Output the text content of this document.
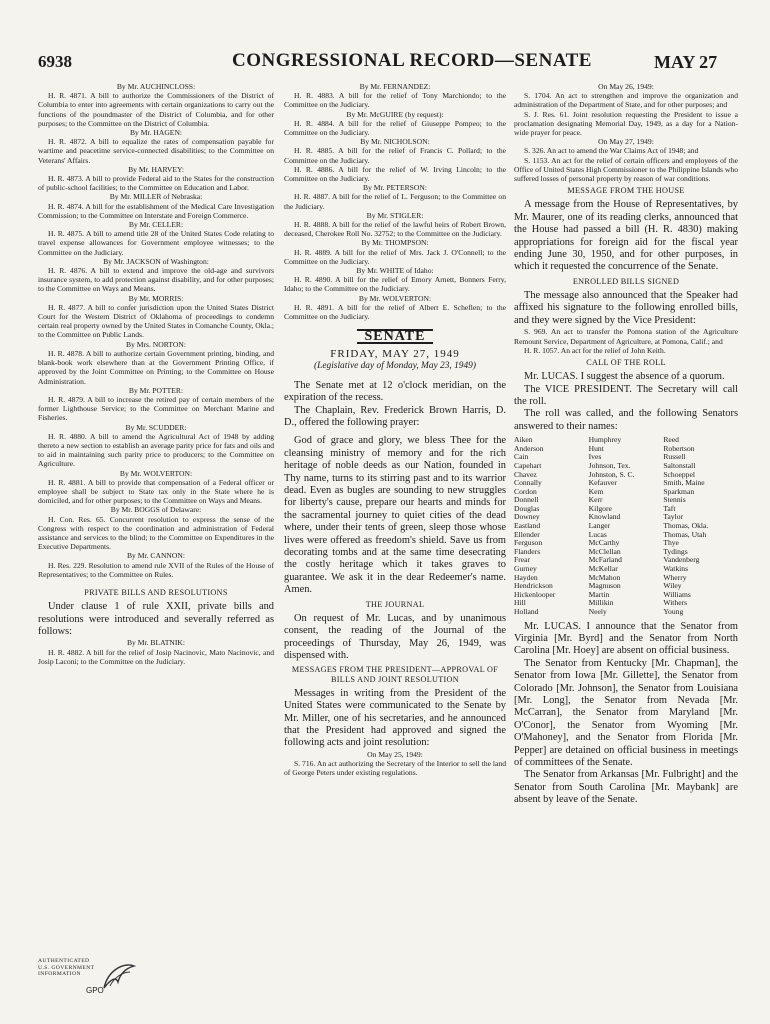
6938	CONGRESSIONAL RECORD—SENATE	MAY 27

By Mr. AUCHINCLOSS:

H. R. 4871. A bill to authorize the Commissioners of the District of Columbia to enter into agreements with certain organizations to carry out the functions of the poundmaster of the District of Columbia, and for other purposes; to the Committee on the District of Columbia.

By Mr. HAGEN:

H. R. 4872. A bill to equalize the rates of compensation payable for wartime and peacetime service-connected disabilities; to the Committee on Veterans' Affairs.

By Mr. HARVEY:

H. R. 4873. A bill to provide Federal aid to the States for the construction of public-school facilities; to the Committee on Education and Labor.

By Mr. MILLER of Nebraska:

H. R. 4874. A bill for the establishment of the Medical Care Investigation Commission; to the Committee on Interstate and Foreign Commerce.

By Mr. CELLER:

H. R. 4875. A bill to amend title 28 of the United States Code relating to travel expense allowances for Government employee witnesses; to the Committee on the Judiciary.

By Mr. JACKSON of Washington:

H. R. 4876. A bill to extend and improve the old-age and survivors insurance system, to add protection against disability, and for other purposes; to the Committee on Ways and Means.

By Mr. MORRIS:

H. R. 4877. A bill to confer jurisdiction upon the United States District Court for the Western District of Oklahoma of proceedings to condemn certain real property owned by the United States in Comanche County, Okla.; to the Committee on Public Lands.

By Mrs. NORTON:

H. R. 4878. A bill to authorize certain Government printing, binding, and blank-book work elsewhere than at the Government Printing Office, if approved by the Joint Committee on Printing; to the Committee on House Administration.

By Mr. POTTER:

H. R. 4879. A bill to increase the retired pay of certain members of the former Lighthouse Service; to the Committee on Merchant Marine and Fisheries.

By Mr. SCUDDER:

H. R. 4880. A bill to amend the Agricultural Act of 1948 by adding thereto a new section to establish an average parity price for fats and oils and to aid in maintaining such parity price to producers; to the Committee on Agriculture.

By Mr. WOLVERTON:

H. R. 4881. A bill to provide that compensation of a Federal officer or employee shall be subject to State tax only in the State where he is domiciled, and for other purposes; to the Committee on Ways and Means.

By Mr. BOGGS of Delaware:

H. Con. Res. 65. Concurrent resolution to express the sense of the Congress with respect to the coordination and administration of Federal assistance and services to the blind; to the Committee on Expenditures in the Executive Departments.

By Mr. CANNON:

H. Res. 229. Resolution to amend rule XVII of the Rules of the House of Representatives; to the Committee on Rules.

PRIVATE BILLS AND RESOLUTIONS

Under clause 1 of rule XXII, private bills and resolutions were introduced and severally referred as follows:

By Mr. BLATNIK:

H. R. 4882. A bill for the relief of Josip Nacinovic, Mato Nacinovic, and Josip Laconi; to the Committee on the Judiciary.

By Mr. FERNANDEZ:

H. R. 4883. A bill for the relief of Tony Marchiondo; to the Committee on the Judiciary.

By Mr. McGUIRE (by request):

H. R. 4884. A bill for the relief of Giuseppe Pompeo; to the Committee on the Judiciary.

By Mr. NICHOLSON:

H. R. 4885. A bill for the relief of Francis C. Pollard; to the Committee on the Judiciary.

H. R. 4886. A bill for the relief of W. Irving Lincoln; to the Committee on the Judiciary.

By Mr. PETERSON:

H. R. 4887. A bill for the relief of L. Ferguson; to the Committee on the Judiciary.

By Mr. STIGLER:

H. R. 4888. A bill for the relief of the lawful heirs of Robert Brown, deceased, Cherokee Roll No. 32752; to the Committee on the Judiciary.

By Mr. THOMPSON:

H. R. 4889. A bill for the relief of Mrs. Jack J. O'Connell; to the Committee on the Judiciary.

By Mr. WHITE of Idaho:

H. R. 4890. A bill for the relief of Emory Arnett, Bonners Ferry, Idaho; to the Committee on the Judiciary.

By Mr. WOLVERTON:

H. R. 4891. A bill for the relief of Albert E. Scheflen; to the Committee on the Judiciary.

SENATE
FRIDAY, MAY 27, 1949
(Legislative day of Monday, May 23, 1949)

The Senate met at 12 o'clock meridian, on the expiration of the recess.

The Chaplain, Rev. Frederick Brown Harris, D. D., offered the following prayer:

God of grace and glory, we bless Thee for the cleansing ministry of memory and for the rich heritage of noble deeds as our Nation, founded in Thy name, turns to its stirring past and to its warrior dead. Even as bugles are sounding to new struggles for liberty's cause, prepare our hearts and minds for the sacramental journey to quiet cities of the dead where, under their tents of green, sleep those whose lives were offered as freedom's shield. Save us from decorating tombs and at the same time desecrating the costly heritage which it takes graves to guarantee. We ask it in the dear Redeemer's name. Amen.

THE JOURNAL

On request of Mr. Lucas, and by unanimous consent, the reading of the Journal of the proceedings of Thursday, May 26, 1949, was dispensed with.

MESSAGES FROM THE PRESIDENT—APPROVAL OF BILLS AND JOINT RESOLUTION

Messages in writing from the President of the United States were communicated to the Senate by Mr. Miller, one of his secretaries, and he announced that the President had approved and signed the following acts and joint resolution:

On May 25, 1949:

S. 716. An act authorizing the Secretary of the Interior to sell the land of George Peters under existing regulations.

On May 26, 1949:

S. 1704. An act to strengthen and improve the organization and administration of the Department of State, and for other purposes; and

S. J. Res. 61. Joint resolution requesting the President to issue a proclamation designating Memorial Day, 1949, as a day for a Nation-wide prayer for peace.

On May 27, 1949:

S. 326. An act to amend the War Claims Act of 1948; and

S. 1153. An act for the relief of certain officers and employees of the Office of United States High Commissioner to the Philippine Islands who suffered losses of personal property by reason of war conditions.

MESSAGE FROM THE HOUSE

A message from the House of Representatives, by Mr. Maurer, one of its reading clerks, announced that the House had passed a bill (H. R. 4830) making appropriations for foreign aid for the fiscal year ending June 30, 1950, and for other purposes, in which it requested the concurrence of the Senate.

ENROLLED BILLS SIGNED

The message also announced that the Speaker had affixed his signature to the following enrolled bills, and they were signed by the Vice President:

S. 969. An act to transfer the Pomona station of the Agriculture Remount Service, Department of Agriculture, at Pomona, Calif.; and

H. R. 1057. An act for the relief of John Keith.

CALL OF THE ROLL

Mr. LUCAS. I suggest the absence of a quorum.

The VICE PRESIDENT. The Secretary will call the roll.

The roll was called, and the following Senators answered to their names:

Aiken	Humphrey	Reed
Anderson	Hunt	Robertson
Cain	Ives	Russell
Capehart	Johnson, Tex.	Saltonstall
Chavez	Johnston, S. C.	Schoeppel
Connally	Kefauver	Smith, Maine
Cordon	Kem	Sparkman
Donnell	Kerr	Stennis
Douglas	Kilgore	Taft
Downey	Knowland	Taylor
Eastland	Langer	Thomas, Okla.
Ellender	Lucas	Thomas, Utah
Ferguson	McCarthy	Thye
Flanders	McClellan	Tydings
Frear	McFarland	Vandenberg
Gurney	McKellar	Watkins
Hayden	McMahon	Wherry
Hendrickson	Magnuson	Wiley
Hickenlooper	Martin	Williams
Hill	Millikin	Withers
Holland	Neely	Young

Mr. LUCAS. I announce that the Senator from Virginia [Mr. Byrd] and the Senator from North Carolina [Mr. Hoey] are absent on official business.

The Senator from Kentucky [Mr. Chapman], the Senator from Iowa [Mr. Gillette], the Senator from Colorado [Mr. Johnson], the Senator from Louisiana [Mr. Long], the Senator from Nevada [Mr. McCarran], the Senator from Maryland [Mr. O'Conor], the Senator from Wyoming [Mr. O'Mahoney], and the Senator from Florida [Mr. Pepper] are detained on official business in meetings of committees of the Senate.

The Senator from Arkansas [Mr. Fulbright] and the Senator from South Carolina [Mr. Maybank] are absent by leave of the Senate.

AUTHENTICATED
U.S. GOVERNMENT
INFORMATION
GPO
